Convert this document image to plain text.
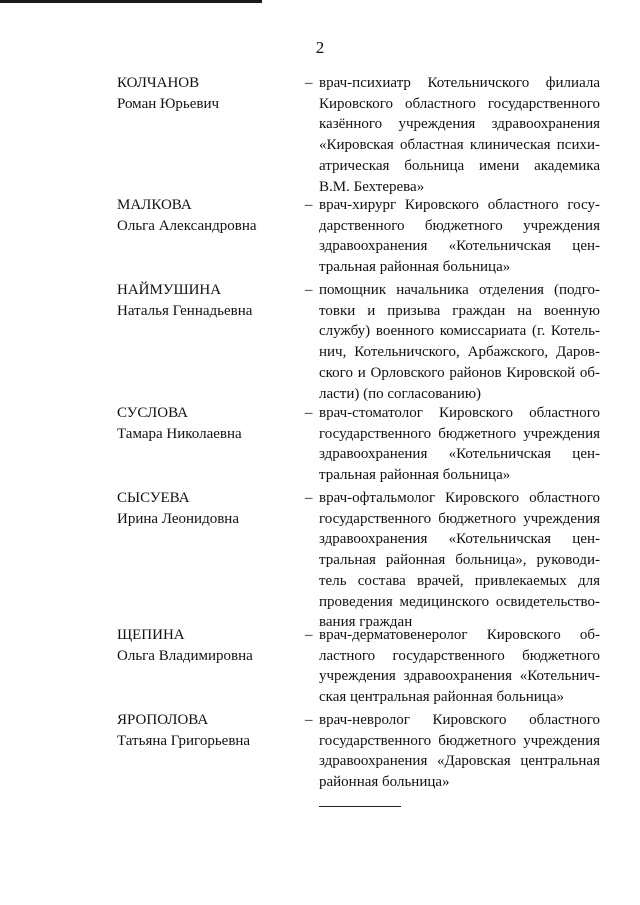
2
КОЛЧАНОВ
Роман Юрьевич
– врач-психиатр Котельничского филиала
Кировского областного государственного
казённого учреждения здравоохранения
«Кировская областная клиническая психи-
атрическая больница имени академика
В.М. Бехтерева»
МАЛКОВА
Ольга Александровна
– врач-хирург Кировского областного госу-
дарственного бюджетного учреждения
здравоохранения «Котельничская цен-
тральная районная больница»
НАЙМУШИНА
Наталья Геннадьевна
– помощник начальника отделения (подго-
товки и призыва граждан на военную
службу) военного комиссариата (г. Котель-
нич, Котельничского, Арбажского, Даров-
ского и Орловского районов Кировской об-
ласти) (по согласованию)
СУСЛОВА
Тамара Николаевна
– врач-стоматолог Кировского областного
государственного бюджетного учреждения
здравоохранения «Котельничская цен-
тральная районная больница»
СЫСУЕВА
Ирина Леонидовна
– врач-офтальмолог Кировского областного
государственного бюджетного учреждения
здравоохранения «Котельничская цен-
тральная районная больница», руководи-
тель состава врачей, привлекаемых для
проведения медицинского освидетельство-
вания граждан
ЩЕПИНА
Ольга Владимировна
– врач-дерматовенеролог Кировского об-
ластного государственного бюджетного
учреждения здравоохранения «Котельнич-
ская центральная районная больница»
ЯРОПОЛОВА
Татьяна Григорьевна
– врач-невролог Кировского областного
государственного бюджетного учреждения
здравоохранения «Даровская центральная
районная больница»
